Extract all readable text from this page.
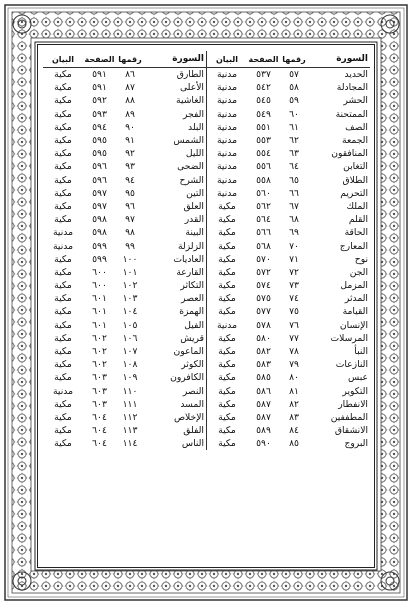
السورة
رقمها
الصفحة
البيان
الحديد
٥٧
٥٣٧
مدنية
المجادلة
٥٨
٥٤٢
مدنية
الحشر
٥٩
٥٤٥
مدنية
الممتحنة
٦٠
٥٤٩
مدنية
الصف
٦١
٥٥١
مدنية
الجمعة
٦٢
٥٥٣
مدنية
المنافقون
٦٣
٥٥٤
مدنية
التغابن
٦٤
٥٥٦
مدنية
الطلاق
٦٥
٥٥٨
مدنية
التحريم
٦٦
٥٦٠
مدنية
الملك
٦٧
٥٦٢
مكية
القلم
٦٨
٥٦٤
مكية
الحاقة
٦٩
٥٦٦
مكية
المعارج
٧٠
٥٦٨
مكية
نوح
٧١
٥٧٠
مكية
الجن
٧٢
٥٧٢
مكية
المزمل
٧٣
٥٧٤
مكية
المدثر
٧٤
٥٧٥
مكية
القيامة
٧٥
٥٧٧
مكية
الإنسان
٧٦
٥٧٨
مدنية
المرسلات
٧٧
٥٨٠
مكية
النبأ
٧٨
٥٨٢
مكية
النازعات
٧٩
٥٨٣
مكية
عبس
٨٠
٥٨٥
مكية
التكوير
٨١
٥٨٦
مكية
الانفطار
٨٢
٥٨٧
مكية
المطففين
٨٣
٥٨٧
مكية
الانشقاق
٨٤
٥٨٩
مكية
البروج
٨٥
٥٩٠
مكية
السورة
رقمها
الصفحة
البيان
الطارق
٨٦
٥٩١
مكية
الأعلى
٨٧
٥٩١
مكية
الغاشية
٨٨
٥٩٢
مكية
الفجر
٨٩
٥٩٣
مكية
البلد
٩٠
٥٩٤
مكية
الشمس
٩١
٥٩٥
مكية
الليل
٩٢
٥٩٥
مكية
الضحى
٩٣
٥٩٦
مكية
الشرح
٩٤
٥٩٦
مكية
التين
٩٥
٥٩٧
مكية
العلق
٩٦
٥٩٧
مكية
القدر
٩٧
٥٩٨
مكية
البينة
٩٨
٥٩٨
مدنية
الزلزلة
٩٩
٥٩٩
مدنية
العاديات
١٠٠
٥٩٩
مكية
القارعة
١٠١
٦٠٠
مكية
التكاثر
١٠٢
٦٠٠
مكية
العصر
١٠٣
٦٠١
مكية
الهمزة
١٠٤
٦٠١
مكية
الفيل
١٠٥
٦٠١
مكية
قريش
١٠٦
٦٠٢
مكية
الماعون
١٠٧
٦٠٢
مكية
الكوثر
١٠٨
٦٠٢
مكية
الكافرون
١٠٩
٦٠٣
مكية
النصر
١١٠
٦٠٣
مدنية
المسد
١١١
٦٠٣
مكية
الإخلاص
١١٢
٦٠٤
مكية
الفلق
١١٣
٦٠٤
مكية
الناس
١١٤
٦٠٤
مكية
